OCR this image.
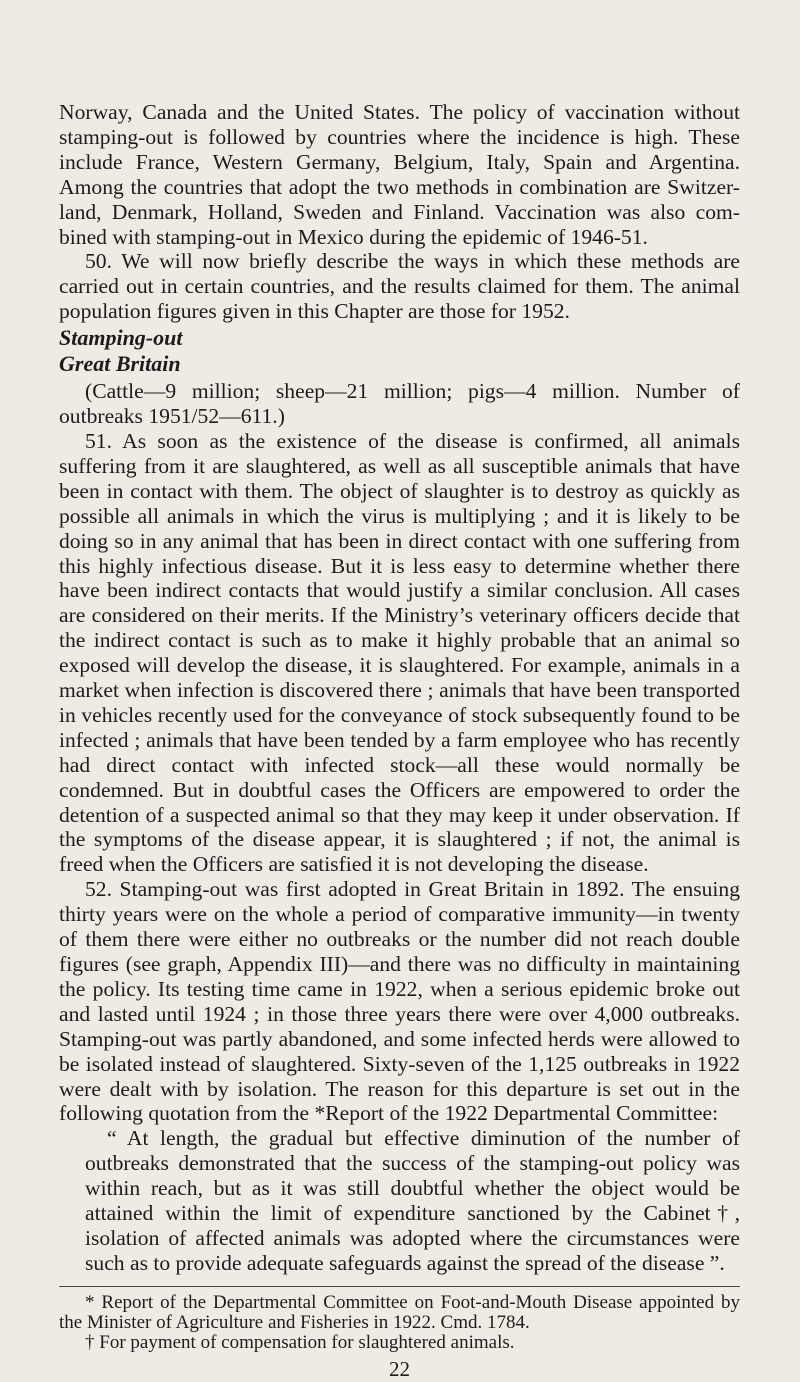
Norway, Canada and the United States. The policy of vaccination without stamping-out is followed by countries where the incidence is high. These include France, Western Germany, Belgium, Italy, Spain and Argentina. Among the countries that adopt the two methods in combination are Switzer-land, Denmark, Holland, Sweden and Finland. Vaccination was also com-bined with stamping-out in Mexico during the epidemic of 1946-51.

50. We will now briefly describe the ways in which these methods are carried out in certain countries, and the results claimed for them. The animal population figures given in this Chapter are those for 1952.

Stamping-out
Great Britain

(Cattle—9 million; sheep—21 million; pigs—4 million. Number of outbreaks 1951/52—611.)

51. As soon as the existence of the disease is confirmed, all animals suffering from it are slaughtered, as well as all susceptible animals that have been in contact with them. The object of slaughter is to destroy as quickly as possible all animals in which the virus is multiplying ; and it is likely to be doing so in any animal that has been in direct contact with one suffering from this highly infectious disease. But it is less easy to determine whether there have been indirect contacts that would justify a similar conclusion. All cases are considered on their merits. If the Ministry’s veterinary officers decide that the indirect contact is such as to make it highly probable that an animal so exposed will develop the disease, it is slaughtered. For example, animals in a market when infection is discovered there ; animals that have been transported in vehicles recently used for the conveyance of stock subsequently found to be infected ; animals that have been tended by a farm employee who has recently had direct contact with infected stock—all these would normally be condemned. But in doubtful cases the Officers are empowered to order the detention of a suspected animal so that they may keep it under observation. If the symptoms of the disease appear, it is slaughtered ; if not, the animal is freed when the Officers are satisfied it is not developing the disease.

52. Stamping-out was first adopted in Great Britain in 1892. The ensuing thirty years were on the whole a period of comparative immunity—in twenty of them there were either no outbreaks or the number did not reach double figures (see graph, Appendix III)—and there was no difficulty in maintaining the policy. Its testing time came in 1922, when a serious epidemic broke out and lasted until 1924 ; in those three years there were over 4,000 outbreaks. Stamping-out was partly abandoned, and some infected herds were allowed to be isolated instead of slaughtered. Sixty-seven of the 1,125 outbreaks in 1922 were dealt with by isolation. The reason for this departure is set out in the following quotation from the *Report of the 1922 Departmental Committee:

“ At length, the gradual but effective diminution of the number of outbreaks demonstrated that the success of the stamping-out policy was within reach, but as it was still doubtful whether the object would be attained within the limit of expenditure sanctioned by the Cabinet†, isolation of affected animals was adopted where the circumstances were such as to provide adequate safeguards against the spread of the disease ”.

* Report of the Departmental Committee on Foot-and-Mouth Disease appointed by the Minister of Agriculture and Fisheries in 1922. Cmd. 1784.

† For payment of compensation for slaughtered animals.

22
